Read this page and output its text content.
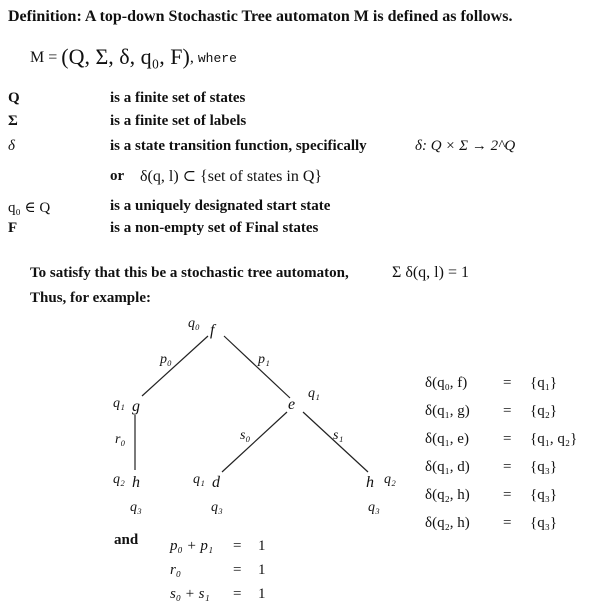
Definition: A top-down Stochastic Tree automaton M is defined as follows.
M = (Q, Σ, δ, q₀, F), where
Q	is a finite set of states
Σ	is a finite set of labels
δ	is a state transition function, specifically	δ: Q × Σ → 2^Q
or δ(q, l) ⊂ {set of states in Q}
q₀ ∈ Q	is a uniquely designated start state
F	is a non-empty set of Final states
To satisfy that this be a stochastic tree automaton,	Σ δ(q, l) = 1
Thus, for example:
q₀ f
p₀	p₁
q₁ g	e
q₁
r₀	s₀	s₁
q₂ h	q₁ d	h q₂
q₃	q₃	q₃
δ(q₀, f) = {q₁}
δ(q₁, g) = {q₂}
δ(q₁, e) = {q₁, q₂}
δ(q₁, d) = {q₃}
δ(q₂, h) = {q₃}
δ(q₂, h) = {q₃}
and p₀ + p₁ = 1
r₀	= 1
s₀ + s₁ = 1
